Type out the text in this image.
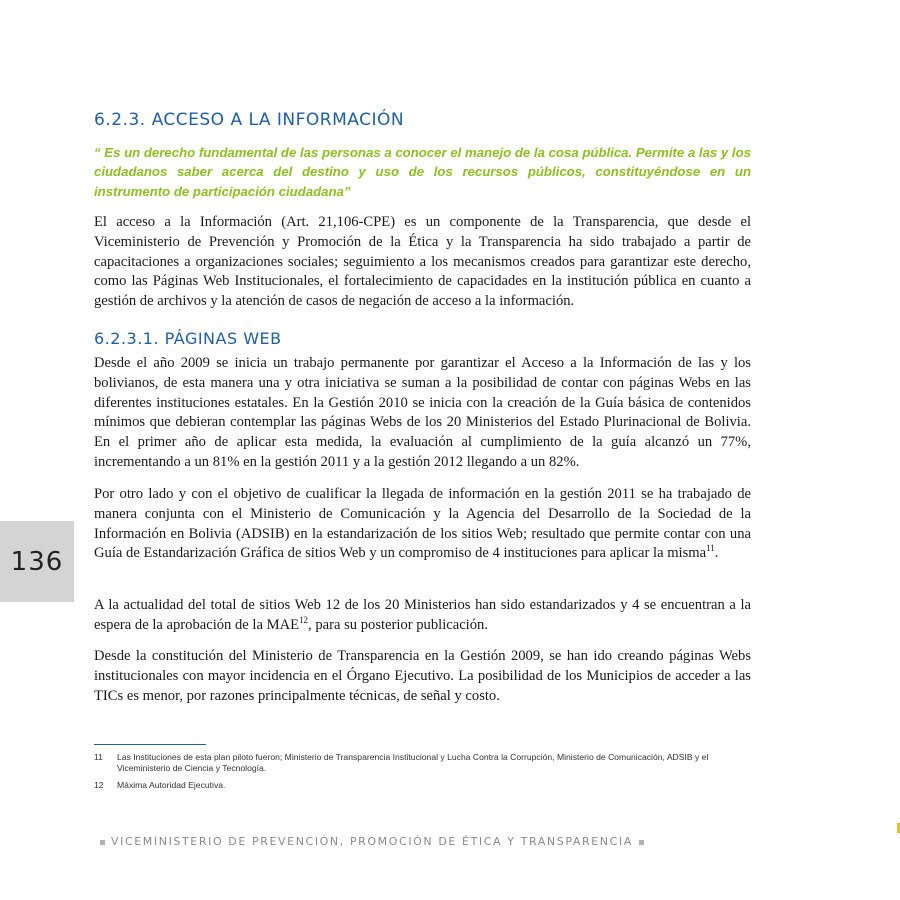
6.2.3. ACCESO A LA INFORMACIÓN

“ Es un derecho fundamental de las personas a conocer el manejo de la cosa pública. Permite a las y los ciudadanos saber acerca del destino y uso de los recursos públicos, constituyéndose en un instrumento de participación ciudadana”

El acceso a la Información (Art. 21,106-CPE) es un componente de la Transparencia, que desde el Viceministerio de Prevención y Promoción de la Ética y la Transparencia ha sido trabajado a partir de capacitaciones a organizaciones sociales; seguimiento a los mecanismos creados para garantizar este derecho, como las Páginas Web Institucionales, el fortalecimiento de capacidades en la institución pública en cuanto a gestión de archivos y la atención de casos de negación de acceso a la información.

6.2.3.1. PÁGINAS WEB

Desde el año 2009 se inicia un trabajo permanente por garantizar el Acceso a la Información de las y los bolivianos, de esta manera una y otra iniciativa se suman a la posibilidad de contar con páginas Webs en las diferentes instituciones estatales. En la Gestión 2010 se inicia con la creación de la Guía básica de contenidos mínimos que debieran contemplar las páginas Webs de los 20 Ministerios del Estado Plurinacional de Bolivia. En el primer año de aplicar esta medida, la evaluación al cumplimiento de la guía alcanzó un 77%, incrementando a un 81% en la gestión 2011 y a la gestión 2012 llegando a un 82%.

Por otro lado y con el objetivo de cualificar la llegada de información en la gestión 2011 se ha trabajado de manera conjunta con el Ministerio de Comunicación y la Agencia del Desarrollo de la Sociedad de la Información en Bolivia (ADSIB) en la estandarización de los sitios Web; resultado que permite contar con una Guía de Estandarización Gráfica de sitios Web y un compromiso de 4 instituciones para aplicar la misma$^{11}$.

A la actualidad del total de sitios Web 12 de los 20 Ministerios han sido estandarizados y 4 se encuentran a la espera de la aprobación de la MAE$^{12}$, para su posterior publicación.

Desde la constitución del Ministerio de Transparencia en la Gestión 2009, se han ido creando páginas Webs institucionales con mayor incidencia en el Órgano Ejecutivo. La posibilidad de los Municipios de acceder a las TICs es menor, por razones principalmente técnicas, de señal y costo.

136
11	Las Instituciones de esta plan piloto fueron; Ministerio de Transparencia Institucional y Lucha Contra la Corrupción, Ministerio de Comunicación, ADSIB y el Viceministerio de Ciencia y Tecnología.
12	Máxima Autoridad Ejecutiva.
VICEMINISTERIO DE PREVENCIÓN, PROMOCIÓN DE ÉTICA Y TRANSPARENCIA
